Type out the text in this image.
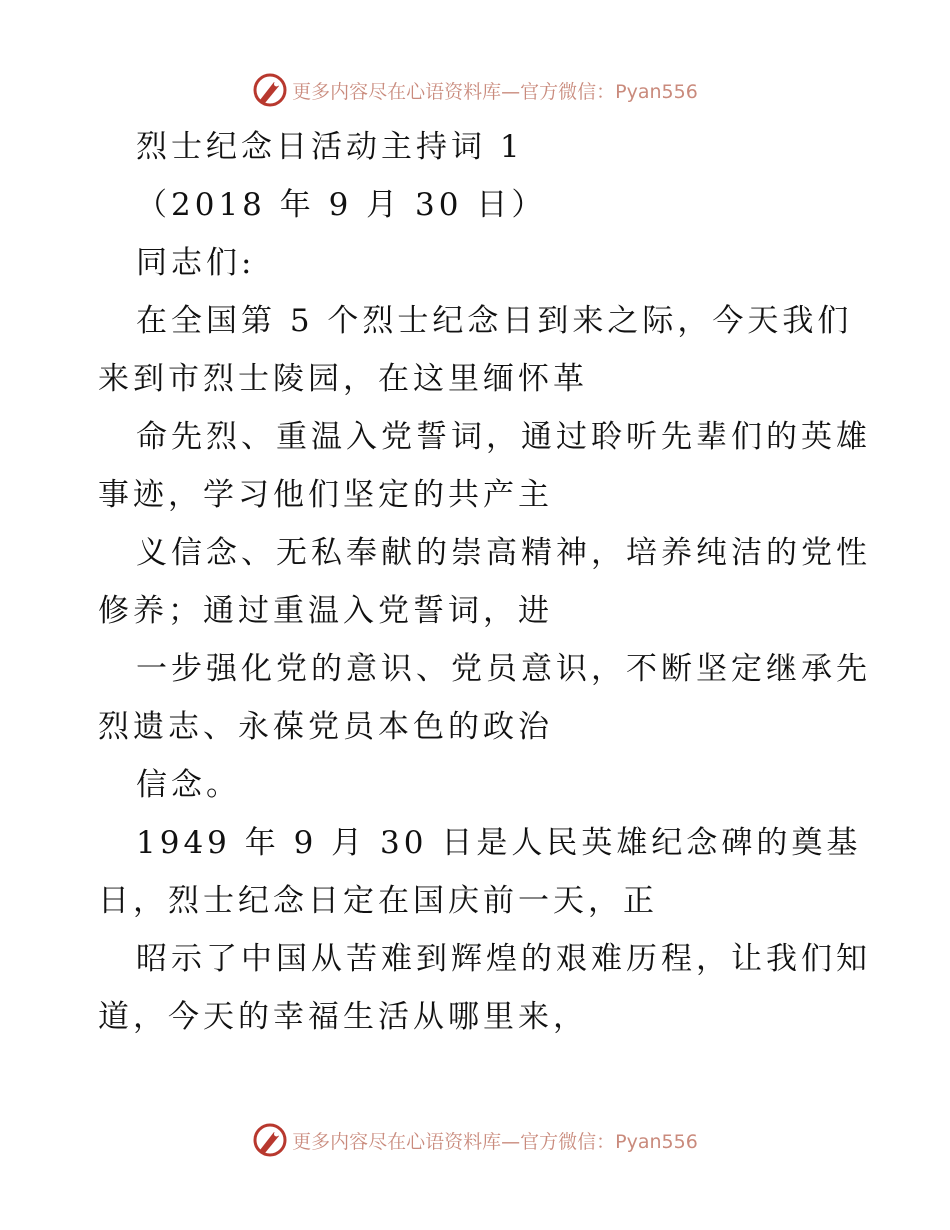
更多内容尽在心语资料库—官方微信：Pyan556
烈士纪念日活动主持词 1
（2018 年 9 月 30 日）
同志们:
在全国第 5 个烈士纪念日到来之际，今天我们
来到市烈士陵园，在这里缅怀革
命先烈、重温入党誓词，通过聆听先辈们的英雄
事迹，学习他们坚定的共产主
义信念、无私奉献的崇高精神，培养纯洁的党性
修养；通过重温入党誓词，进
一步强化党的意识、党员意识，不断坚定继承先
烈遗志、永葆党员本色的政治
信念。
1949 年 9 月 30 日是人民英雄纪念碑的奠基
日，烈士纪念日定在国庆前一天，正
昭示了中国从苦难到辉煌的艰难历程，让我们知
道，今天的幸福生活从哪里来，
更多内容尽在心语资料库—官方微信：Pyan556
